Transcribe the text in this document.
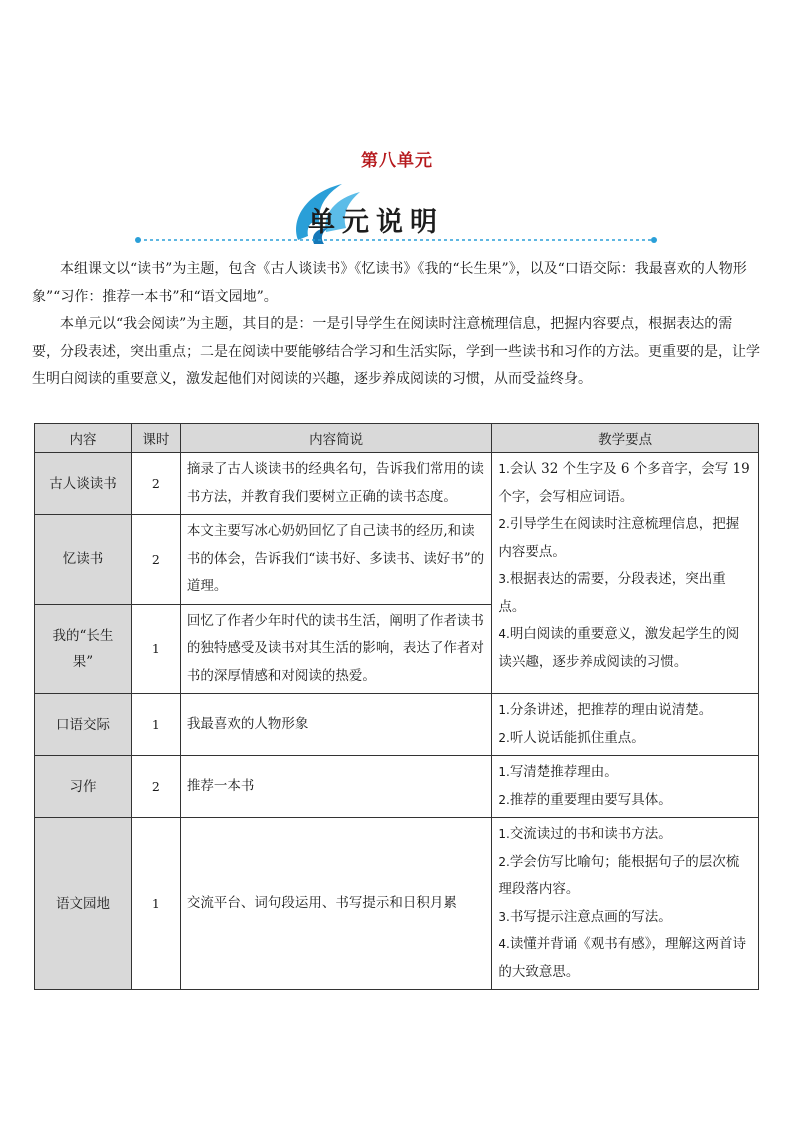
第八单元
单元说明

本组课文以“读书”为主题，包含《古人谈读书》《忆读书》《我的“长生果”》，以及“口语交际：我最喜欢的人物形象”“习作：推荐一本书”和“语文园地”。

本单元以“我会阅读”为主题，其目的是：一是引导学生在阅读时注意梳理信息，把握内容要点，根据表达的需要，分段表述，突出重点；二是在阅读中要能够结合学习和生活实际，学到一些读书和习作的方法。更重要的是，让学生明白阅读的重要意义，激发起他们对阅读的兴趣，逐步养成阅读的习惯，从而受益终身。

内容	课时	内容简说	教学要点
古人谈读书	2	摘录了古人谈读书的经典名句，告诉我们常用的读书方法，并教育我们要树立正确的读书态度。	1.会认 32 个生字及 6 个多音字，会写 19 个字，会写相应词语。
2.引导学生在阅读时注意梳理信息，把握内容要点。
3.根据表达的需要，分段表述，突出重点。
4.明白阅读的重要意义，激发起学生的阅读兴趣，逐步养成阅读的习惯。

忆读书	2	本文主要写冰心奶奶回忆了自己读书的经历,和读书的体会，告诉我们“读书好、多读书、读好书”的道理。	
我的“长生果”	1	回忆了作者少年时代的读书生活，阐明了作者读书的独特感受及读书对其生活的影响，表达了作者对书的深厚情感和对阅读的热爱。	
口语交际	1	我最喜欢的人物形象	1.分条讲述，把推荐的理由说清楚。
2.听人说话能抓住重点。

习作	2	推荐一本书	1.写清楚推荐理由。
2.推荐的重要理由要写具体。

语文园地	1	交流平台、词句段运用、书写提示和日积月累	1.交流读过的书和读书方法。
2.学会仿写比喻句；能根据句子的层次梳理段落内容。
3.书写提示注意点画的写法。
4.读懂并背诵《观书有感》，理解这两首诗的大致意思。
